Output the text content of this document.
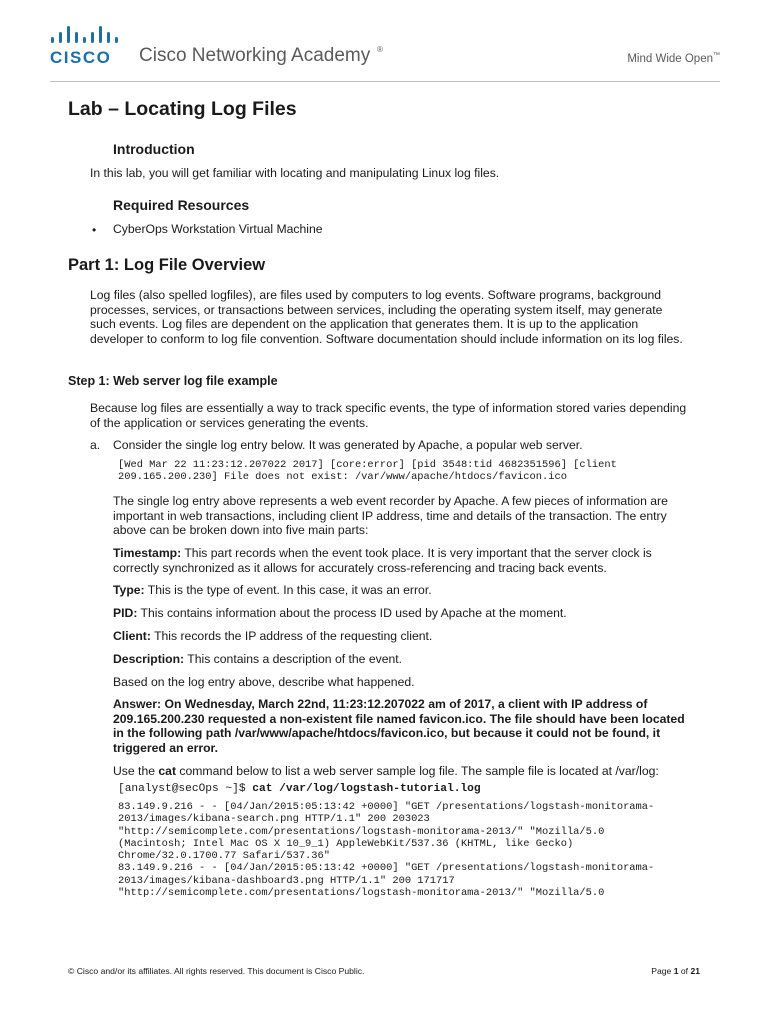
CISCO Cisco Networking Academy ®
Mind Wide Open™
Lab – Locating Log Files
Introduction

In this lab, you will get familiar with locating and manipulating Linux log files.

Required Resources
• CyberOps Workstation Virtual Machine

Part 1: Log File Overview

Log files (also spelled logfiles), are files used by computers to log events. Software programs, background processes, services, or transactions between services, including the operating system itself, may generate such events. Log files are dependent on the application that generates them. It is up to the application developer to conform to log file convention. Software documentation should include information on its log files.

Step 1: Web server log file example

Because log files are essentially a way to track specific events, the type of information stored varies depending of the application or services generating the events.

a. Consider the single log entry below. It was generated by Apache, a popular web server.

[Wed Mar 22 11:23:12.207022 2017] [core:error] [pid 3548:tid 4682351596] [client
209.165.200.230] File does not exist: /var/www/apache/htdocs/favicon.ico

The single log entry above represents a web event recorder by Apache. A few pieces of information are important in web transactions, including client IP address, time and details of the transaction. The entry above can be broken down into five main parts:

Timestamp: This part records when the event took place. It is very important that the server clock is correctly synchronized as it allows for accurately cross-referencing and tracing back events.

Type: This is the type of event. In this case, it was an error.

PID: This contains information about the process ID used by Apache at the moment.

Client: This records the IP address of the requesting client.

Description: This contains a description of the event.

Based on the log entry above, describe what happened.

Answer: On Wednesday, March 22nd, 11:23:12.207022 am of 2017, a client with IP address of 209.165.200.230 requested a non-existent file named favicon.ico. The file should have been located in the following path /var/www/apache/htdocs/favicon.ico, but because it could not be found, it triggered an error.

Use the cat command below to list a web server sample log file. The sample file is located at /var/log:

[analyst@secOps ~]$ cat /var/log/logstash-tutorial.log
83.149.9.216 - - [04/Jan/2015:05:13:42 +0000] "GET /presentations/logstash-monitorama-
2013/images/kibana-search.png HTTP/1.1" 200 203023
"http://semicomplete.com/presentations/logstash-monitorama-2013/" "Mozilla/5.0
(Macintosh; Intel Mac OS X 10_9_1) AppleWebKit/537.36 (KHTML, like Gecko)
Chrome/32.0.1700.77 Safari/537.36"
83.149.9.216 - - [04/Jan/2015:05:13:42 +0000] "GET /presentations/logstash-monitorama-
2013/images/kibana-dashboard3.png HTTP/1.1" 200 171717
"http://semicomplete.com/presentations/logstash-monitorama-2013/" "Mozilla/5.0
© Cisco and/or its affiliates. All rights reserved. This document is Cisco Public.	Page 1 of 21
